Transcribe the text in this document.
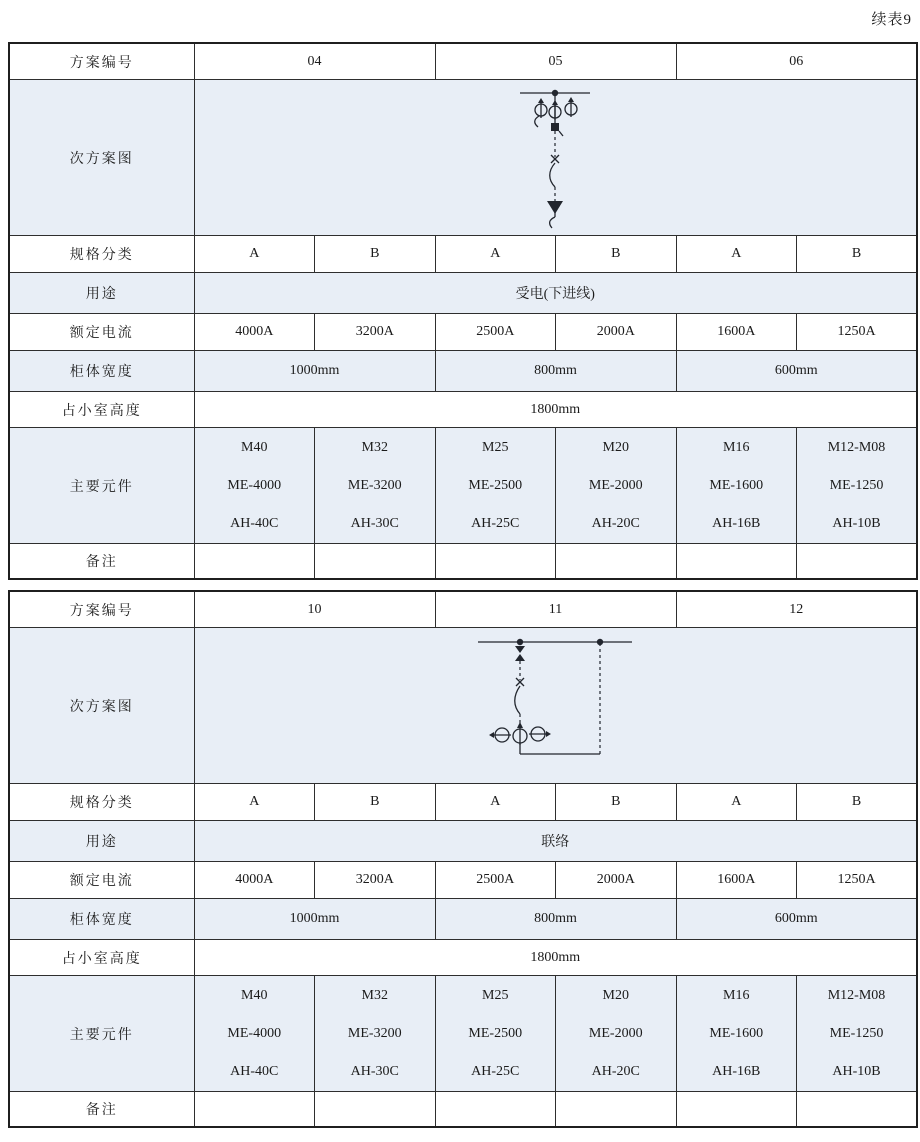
续表9
方案编号	04		05		06	
次方案图	

规格分类	A	B	A	B	A	B
用途	受电(下进线)					
额定电流	4000A	3200A	2500A	2000A	1600A	1250A
柜体宽度	1000mm		800mm		600mm	
占小室高度	1800mm					
主要元件	M40
ME-4000
AH-40C	M32
ME-3200
AH-30C	M25
ME-2500
AH-25C	M20
ME-2000
AH-20C	M16
ME-1600
AH-16B	M12-M08
ME-1250
AH-10B

备注						
方案编号	10		11		12	
次方案图	

规格分类	A	B	A	B	A	B
用途	联络					
额定电流	4000A	3200A	2500A	2000A	1600A	1250A
柜体宽度	1000mm		800mm		600mm	
占小室高度	1800mm					
主要元件	M40
ME-4000
AH-40C	M32
ME-3200
AH-30C	M25
ME-2500
AH-25C	M20
ME-2000
AH-20C	M16
ME-1600
AH-16B	M12-M08
ME-1250
AH-10B

备注						
